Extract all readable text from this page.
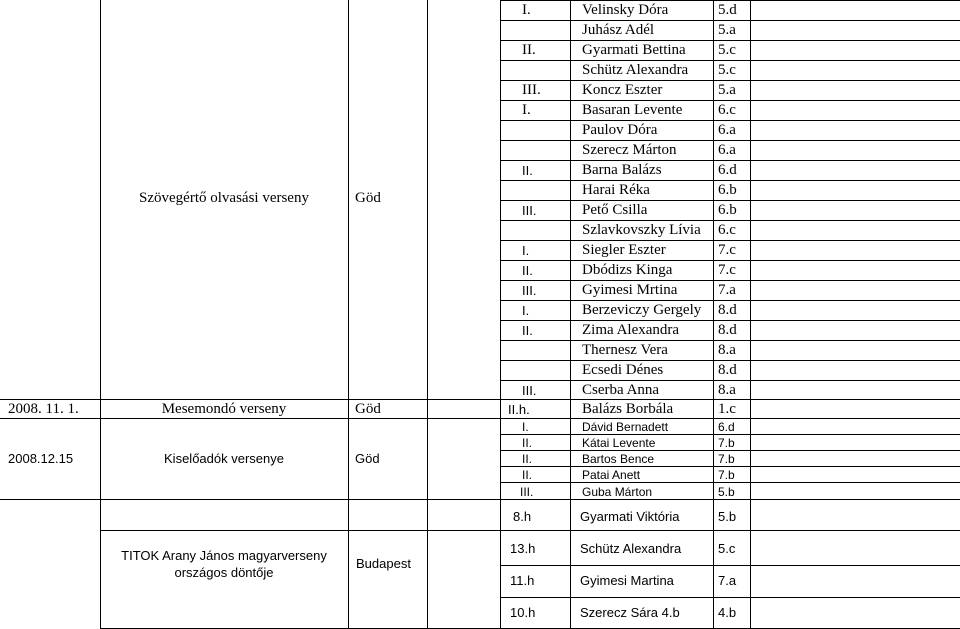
Szövegértő olvasási verseny	Göd
I.	Velinsky Dóra	5.d
Juhász Adél	5.a
II.	Gyarmati Bettina 5.c
Schütz Alexandra 5.c
III.	Koncz Eszter	5.a
I.	Basaran Levente 6.c
Paulov Dóra	6.a
Szerecz Márton	6.a
II.	Barna Balázs	6.d
Harai Réka	6.b
III.	Pető Csilla	6.b
Szlavkovszky Lívia 6.c
I.	Siegler Eszter	7.c
II.	Dbódizs Kinga	7.c
III.	Gyimesi Mrtina	7.a
I.	Berzeviczy Gergely 8.d
II.	Zima Alexandra	8.d
Thernesz Vera	8.a
Ecsedi Dénes	8.d
III.	Cserba Anna	8.a
2008. 11. 1.	Mesemondó verseny	Göd	II.h.	Balázs Borbála	1.c
2008.12.15	Kiselőadók versenye	Göd
I.	Dávid Bernadett	6.d
II.	Kátai Levente	7.b
II.	Bartos Bence	7.b
II.	Patai Anett	7.b
III.	Guba Márton	5.b
TITOK Arany János magyarverseny
országos döntője
Budapest
8.h	Gyarmati Viktória	5.b
13.h	Schütz Alexandra	5.c
11.h	Gyimesi Martina	7.a
10.h	Szerecz Sára 4.b	4.b
